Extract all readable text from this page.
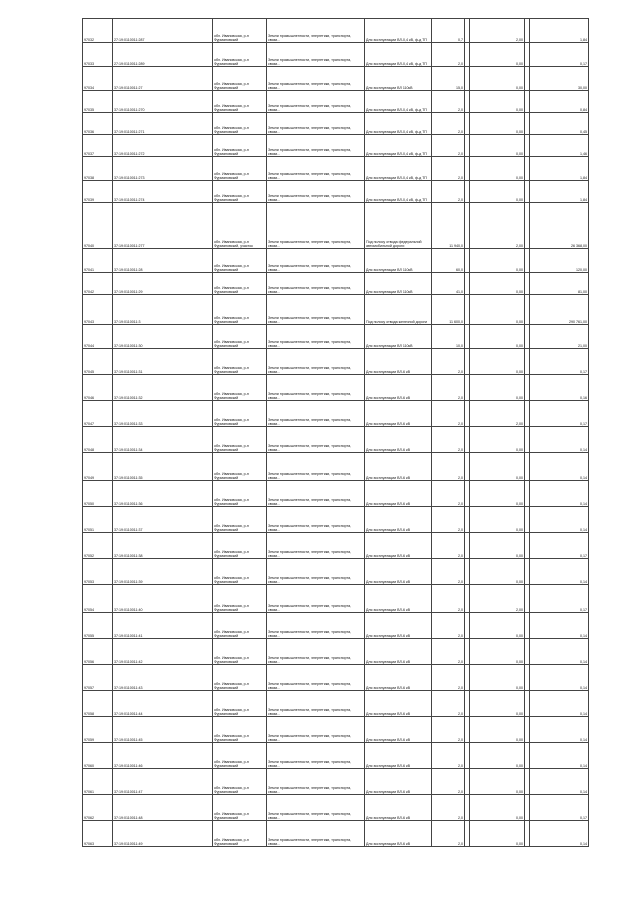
97032	27:19:0110011:287	обл. Ивановская, р-н Фурмановский	Земли промышленности, энергетики, транспорта, связи...	Для эксплуатации ВЛ-0,4 кВ, ф-д ТП	0,7		2,00		1,84
97033	27:19:0110011:289	обл. Ивановская, р-н Фурмановский	Земли промышленности, энергетики, транспорта, связи...	Для эксплуатации ВЛ-0,4 кВ, ф-д ТП	2,0		0,00		0,17
97034	37:19:0110011:27	обл. Ивановская, р-н Фурмановский	Земли промышленности, энергетики, транспорта, связи...	Для эксплуатации ВЛ 110кВ	15,0		0,00		30,00
97035	37:19:0110011:270	обл. Ивановская, р-н Фурмановский	Земли промышленности, энергетики, транспорта, связи...	Для эксплуатации ВЛ-0,4 кВ, ф-д ТП	2,0		0,00		0,84
97036	37:19:0110011:271	обл. Ивановская, р-н Фурмановский	Земли промышленности, энергетики, транспорта, связи...	Для эксплуатации ВЛ-0,4 кВ, ф-д ТП	2,0		0,00		0,45
97037	37:19:0110011:272	обл. Ивановская, р-н Фурмановский	Земли промышленности, энергетики, транспорта, связи...	Для эксплуатации ВЛ-0,4 кВ, ф-д ТП	2,0		0,00		1,46
97038	37:19:0110011:273	обл. Ивановская, р-н Фурмановский	Земли промышленности, энергетики, транспорта, связи...	Для эксплуатации ВЛ-0,4 кВ, ф-д ТП	2,0		0,00		1,84
97039	37:19:0110011:274	обл. Ивановская, р-н Фурмановский	Земли промышленности, энергетики, транспорта, связи...	Для эксплуатации ВЛ-0,4 кВ, ф-д ТП	2,0		0,00		1,84
97040	37:19:0110011:277	обл. Ивановская, р-н Фурмановский, участок	Земли промышленности, энергетики, транспорта, связи...	Под полосу отвода федеральной автомобильной дороги	11 940,0		2,00		26 368,00
97041	37:19:0110011:28	обл. Ивановская, р-н Фурмановский	Земли промышленности, энергетики, транспорта, связи...	Для эксплуатации ВЛ 110кВ	60,0		0,00		120,00
97042	37:19:0110011:29	обл. Ивановская, р-н Фурмановский	Земли промышленности, энергетики, транспорта, связи...	Для эксплуатации ВЛ 110кВ	41,0		0,00		81,00
97043	37:19:0110011:3	обл. Ивановская, р-н Фурмановский	Земли промышленности, энергетики, транспорта, связи...	Под полосу отвода железной дороги	11 600,0		0,00		290 761,00
97044	37:19:0110011:30	обл. Ивановская, р-н Фурмановский	Земли промышленности, энергетики, транспорта, связи...	Для эксплуатации ВЛ 110кВ	10,0		0,00		21,00
97045	37:19:0110011:31	обл. Ивановская, р-н Фурмановский	Земли промышленности, энергетики, транспорта, связи...	Для эксплуатации ВЛ-6 кВ	2,0		0,00		0,17
97046	37:19:0110011:32	обл. Ивановская, р-н Фурмановский	Земли промышленности, энергетики, транспорта, связи...	Для эксплуатации ВЛ-6 кВ	2,0		0,00		0,16
97047	37:19:0110011:33	обл. Ивановская, р-н Фурмановский	Земли промышленности, энергетики, транспорта, связи...	Для эксплуатации ВЛ-6 кВ	2,0		2,00		0,17
97048	37:19:0110011:34	обл. Ивановская, р-н Фурмановский	Земли промышленности, энергетики, транспорта, связи...	Для эксплуатации ВЛ-6 кВ	2,0		0,00		0,14
97049	37:19:0110011:35	обл. Ивановская, р-н Фурмановский	Земли промышленности, энергетики, транспорта, связи...	Для эксплуатации ВЛ-6 кВ	2,0		0,00		0,14
97050	37:19:0110011:36	обл. Ивановская, р-н Фурмановский	Земли промышленности, энергетики, транспорта, связи...	Для эксплуатации ВЛ-6 кВ	2,0		0,00		0,14
97051	37:19:0110011:37	обл. Ивановская, р-н Фурмановский	Земли промышленности, энергетики, транспорта, связи...	Для эксплуатации ВЛ-6 кВ	2,0		0,00		0,14
97052	37:19:0110011:38	обл. Ивановская, р-н Фурмановский	Земли промышленности, энергетики, транспорта, связи...	Для эксплуатации ВЛ-6 кВ	2,0		0,00		0,17
97053	37:19:0110011:39	обл. Ивановская, р-н Фурмановский	Земли промышленности, энергетики, транспорта, связи...	Для эксплуатации ВЛ-6 кВ	2,0		0,00		0,14
97054	37:19:0110011:40	обл. Ивановская, р-н Фурмановский	Земли промышленности, энергетики, транспорта, связи...	Для эксплуатации ВЛ-6 кВ	2,0		2,00		0,17
97055	37:19:0110011:41	обл. Ивановская, р-н Фурмановский	Земли промышленности, энергетики, транспорта, связи...	Для эксплуатации ВЛ-6 кВ	2,0		0,00		0,14
97056	37:19:0110011:42	обл. Ивановская, р-н Фурмановский	Земли промышленности, энергетики, транспорта, связи...	Для эксплуатации ВЛ-6 кВ	2,0		0,00		0,14
97057	37:19:0110011:43	обл. Ивановская, р-н Фурмановский	Земли промышленности, энергетики, транспорта, связи...	Для эксплуатации ВЛ-6 кВ	2,0		0,00		0,14
97058	37:19:0110011:44	обл. Ивановская, р-н Фурмановский	Земли промышленности, энергетики, транспорта, связи...	Для эксплуатации ВЛ-6 кВ	2,0		0,00		0,14
97059	37:19:0110011:45	обл. Ивановская, р-н Фурмановский	Земли промышленности, энергетики, транспорта, связи...	Для эксплуатации ВЛ-6 кВ	2,0		0,00		0,14
97060	37:19:0110011:46	обл. Ивановская, р-н Фурмановский	Земли промышленности, энергетики, транспорта, связи...	Для эксплуатации ВЛ-6 кВ	2,0		0,00		0,14
97061	37:19:0110011:47	обл. Ивановская, р-н Фурмановский	Земли промышленности, энергетики, транспорта, связи...	Для эксплуатации ВЛ-6 кВ	2,0		0,00		0,14
97062	37:19:0110011:48	обл. Ивановская, р-н Фурмановский	Земли промышленности, энергетики, транспорта, связи...	Для эксплуатации ВЛ-6 кВ	2,0		0,00		0,17
97063	37:19:0110011:49	обл. Ивановская, р-н Фурмановский	Земли промышленности, энергетики, транспорта, связи...	Для эксплуатации ВЛ-6 кВ	2,0		0,00		0,14
